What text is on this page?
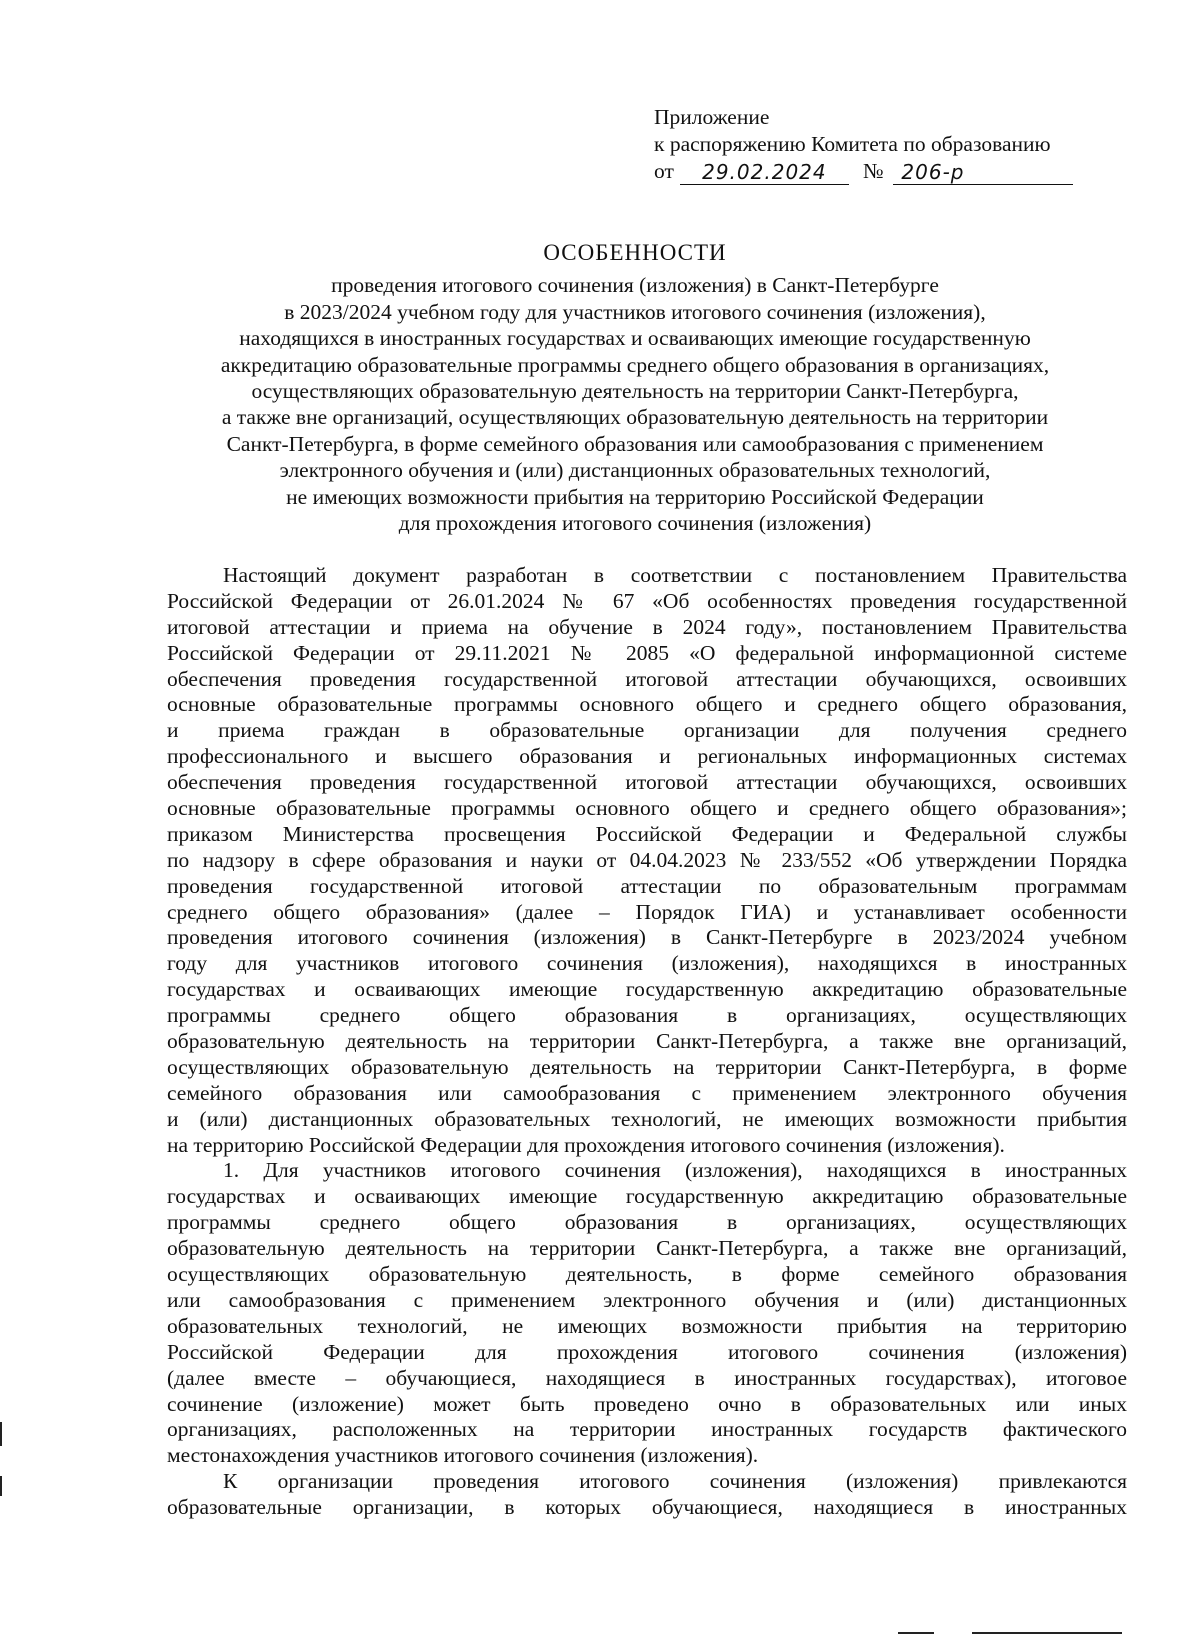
Приложение
к распоряжению Комитета по образованию
от	29.02.2024	№ 206-р
ОСОБЕННОСТИ
проведения итогового сочинения (изложения) в Санкт-Петербурге
в 2023/2024 учебном году для участников итогового сочинения (изложения),
находящихся в иностранных государствах и осваивающих имеющие государственную
аккредитацию образовательные программы среднего общего образования в организациях,
осуществляющих образовательную деятельность на территории Санкт-Петербурга,
а также вне организаций, осуществляющих образовательную деятельность на территории
Санкт-Петербурга, в форме семейного образования или самообразования с применением
электронного обучения и (или) дистанционных образовательных технологий,
не имеющих возможности прибытия на территорию Российской Федерации
для прохождения итогового сочинения (изложения)
Настоящий документ разработан в соответствии с постановлением Правительства
Российской Федерации от 26.01.2024 № 67 «Об особенностях проведения государственной
итоговой аттестации и приема на обучение в 2024 году», постановлением Правительства
Российской Федерации от 29.11.2021 № 2085 «О федеральной информационной системе
обеспечения проведения государственной итоговой аттестации обучающихся, освоивших
основные образовательные программы основного общего и среднего общего образования,
и приема граждан в образовательные организации для получения среднего
профессионального и высшего образования и региональных информационных системах
обеспечения проведения государственной итоговой аттестации обучающихся, освоивших
основные образовательные программы основного общего и среднего общего образования»;
приказом Министерства просвещения Российской Федерации и Федеральной службы
по надзору в сфере образования и науки от 04.04.2023 № 233/552 «Об утверждении Порядка
проведения государственной итоговой аттестации по образовательным программам
среднего общего образования» (далее – Порядок ГИА) и устанавливает особенности
проведения итогового сочинения (изложения) в Санкт-Петербурге в 2023/2024 учебном
году для участников итогового сочинения (изложения), находящихся в иностранных
государствах и осваивающих имеющие государственную аккредитацию образовательные
программы среднего общего образования в организациях, осуществляющих
образовательную деятельность на территории Санкт-Петербурга, а также вне организаций,
осуществляющих образовательную деятельность на территории Санкт-Петербурга, в форме
семейного образования или самообразования с применением электронного обучения
и (или) дистанционных образовательных технологий, не имеющих возможности прибытия
на территорию Российской Федерации для прохождения итогового сочинения (изложения).
1. Для участников итогового сочинения (изложения), находящихся в иностранных
государствах и осваивающих имеющие государственную аккредитацию образовательные
программы среднего общего образования в организациях, осуществляющих
образовательную деятельность на территории Санкт-Петербурга, а также вне организаций,
осуществляющих образовательную деятельность, в форме семейного образования
или самообразования с применением электронного обучения и (или) дистанционных
образовательных технологий, не имеющих возможности прибытия на территорию
Российской Федерации для прохождения итогового сочинения (изложения)
(далее вместе – обучающиеся, находящиеся в иностранных государствах), итоговое
сочинение (изложение) может быть проведено очно в образовательных или иных
организациях, расположенных на территории иностранных государств фактического
местонахождения участников итогового сочинения (изложения).
К организации проведения итогового сочинения (изложения) привлекаются
образовательные организации, в которых обучающиеся, находящиеся в иностранных
